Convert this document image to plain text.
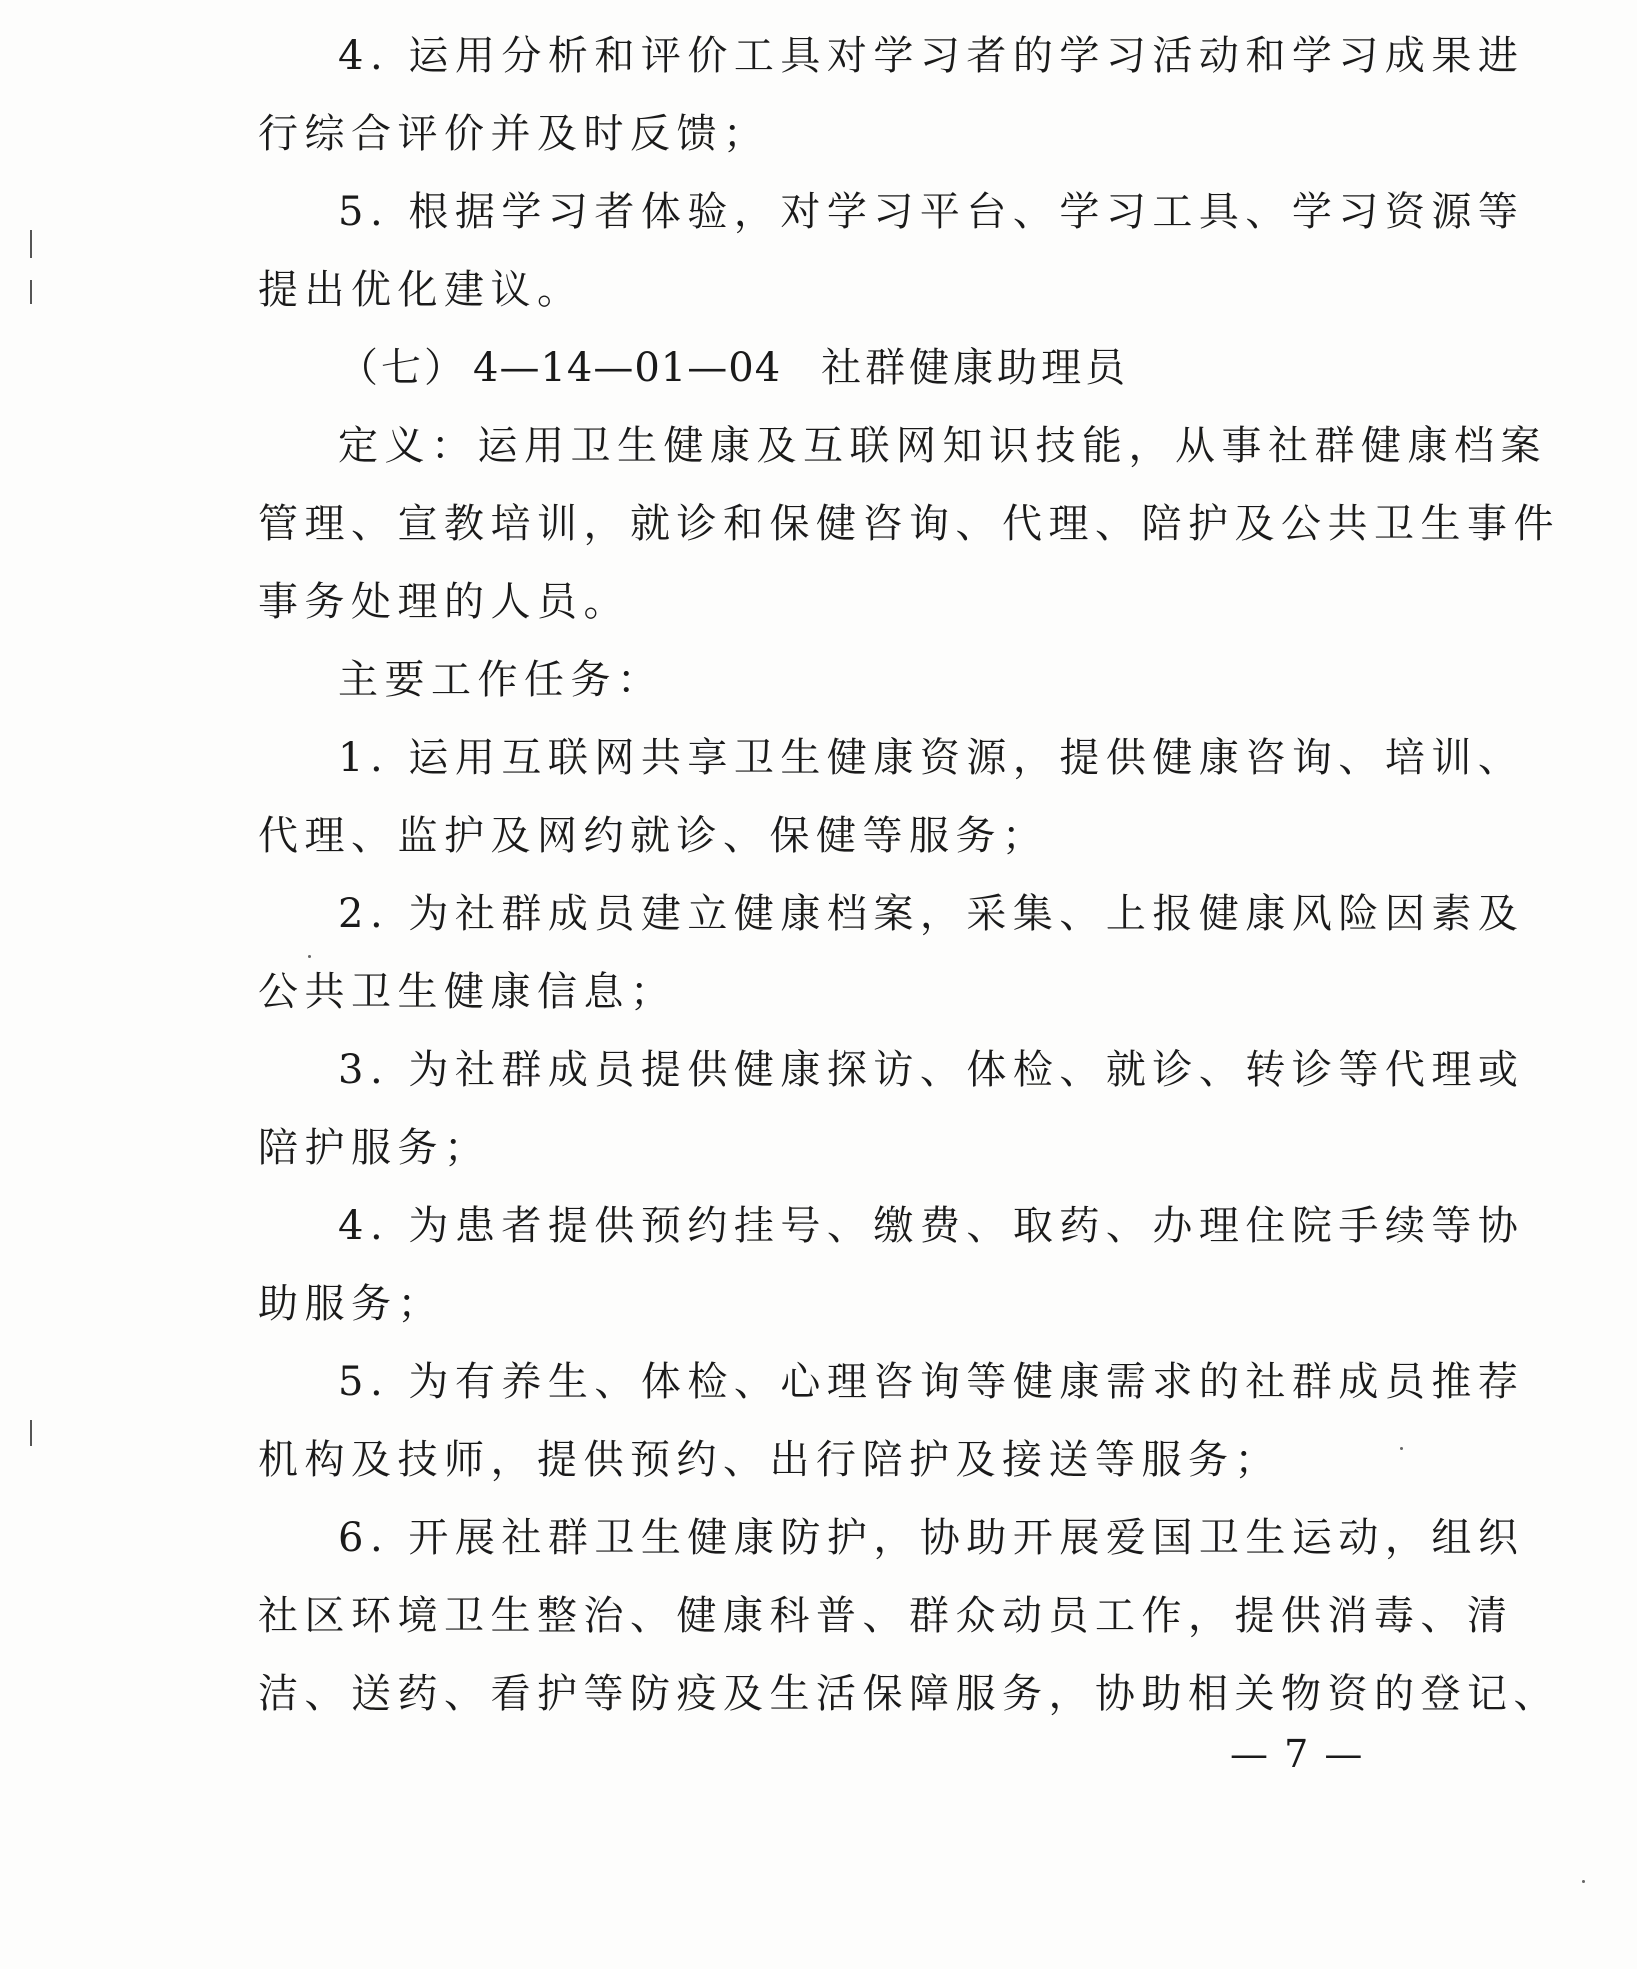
4. 运用分析和评价工具对学习者的学习活动和学习成果进
行综合评价并及时反馈；
5. 根据学习者体验，对学习平台、学习工具、学习资源等
提出优化建议。
（七） 4—14—01—04 社群健康助理员
定义：运用卫生健康及互联网知识技能，从事社群健康档案
管理、宣教培训，就诊和保健咨询、代理、陪护及公共卫生事件
事务处理的人员。
主要工作任务：
1. 运用互联网共享卫生健康资源，提供健康咨询、培训、
代理、监护及网约就诊、保健等服务；
2. 为社群成员建立健康档案，采集、上报健康风险因素及
公共卫生健康信息；
3. 为社群成员提供健康探访、体检、就诊、转诊等代理或
陪护服务；
4. 为患者提供预约挂号、缴费、取药、办理住院手续等协
助服务；
5. 为有养生、体检、心理咨询等健康需求的社群成员推荐
机构及技师，提供预约、出行陪护及接送等服务；
6. 开展社群卫生健康防护，协助开展爱国卫生运动，组织
社区环境卫生整治、健康科普、群众动员工作，提供消毒、清
洁、送药、看护等防疫及生活保障服务，协助相关物资的登记、
— 7 —
